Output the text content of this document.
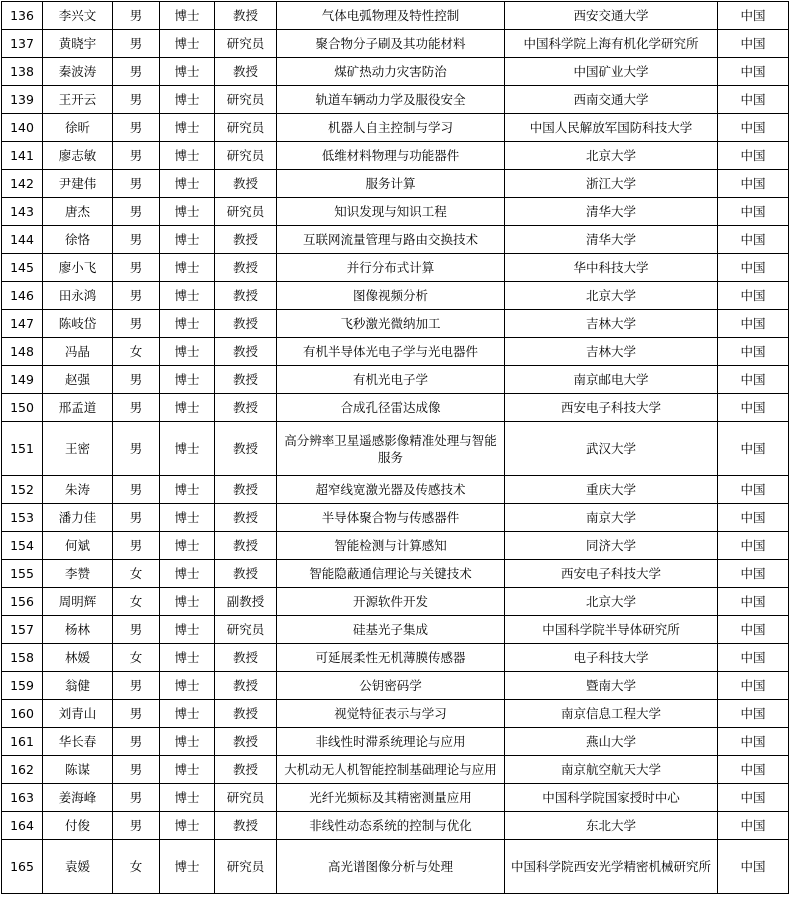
136	李兴文	男	博士	教授	气体电弧物理及特性控制	西安交通大学	中国
137	黄晓宇	男	博士	研究员	聚合物分子刷及其功能材料	中国科学院上海有机化学研究所	中国
138	秦波涛	男	博士	教授	煤矿热动力灾害防治	中国矿业大学	中国
139	王开云	男	博士	研究员	轨道车辆动力学及服役安全	西南交通大学	中国
140	徐昕	男	博士	研究员	机器人自主控制与学习	中国人民解放军国防科技大学	中国
141	廖志敏	男	博士	研究员	低维材料物理与功能器件	北京大学	中国
142	尹建伟	男	博士	教授	服务计算	浙江大学	中国
143	唐杰	男	博士	研究员	知识发现与知识工程	清华大学	中国
144	徐恪	男	博士	教授	互联网流量管理与路由交换技术	清华大学	中国
145	廖小飞	男	博士	教授	并行分布式计算	华中科技大学	中国
146	田永鸿	男	博士	教授	图像视频分析	北京大学	中国
147	陈岐岱	男	博士	教授	飞秒激光微纳加工	吉林大学	中国
148	冯晶	女	博士	教授	有机半导体光电子学与光电器件	吉林大学	中国
149	赵强	男	博士	教授	有机光电子学	南京邮电大学	中国
150	邢孟道	男	博士	教授	合成孔径雷达成像	西安电子科技大学	中国
151	王密	男	博士	教授	高分辨率卫星遥感影像精准处理与智能服务	武汉大学	中国
152	朱涛	男	博士	教授	超窄线宽激光器及传感技术	重庆大学	中国
153	潘力佳	男	博士	教授	半导体聚合物与传感器件	南京大学	中国
154	何斌	男	博士	教授	智能检测与计算感知	同济大学	中国
155	李赞	女	博士	教授	智能隐蔽通信理论与关键技术	西安电子科技大学	中国
156	周明辉	女	博士	副教授	开源软件开发	北京大学	中国
157	杨林	男	博士	研究员	硅基光子集成	中国科学院半导体研究所	中国
158	林媛	女	博士	教授	可延展柔性无机薄膜传感器	电子科技大学	中国
159	翁健	男	博士	教授	公钥密码学	暨南大学	中国
160	刘青山	男	博士	教授	视觉特征表示与学习	南京信息工程大学	中国
161	华长春	男	博士	教授	非线性时滞系统理论与应用	燕山大学	中国
162	陈谋	男	博士	教授	大机动无人机智能控制基础理论与应用	南京航空航天大学	中国
163	姜海峰	男	博士	研究员	光纤光频标及其精密测量应用	中国科学院国家授时中心	中国
164	付俊	男	博士	教授	非线性动态系统的控制与优化	东北大学	中国
165	袁媛	女	博士	研究员	高光谱图像分析与处理	中国科学院西安光学精密机械研究所	中国
